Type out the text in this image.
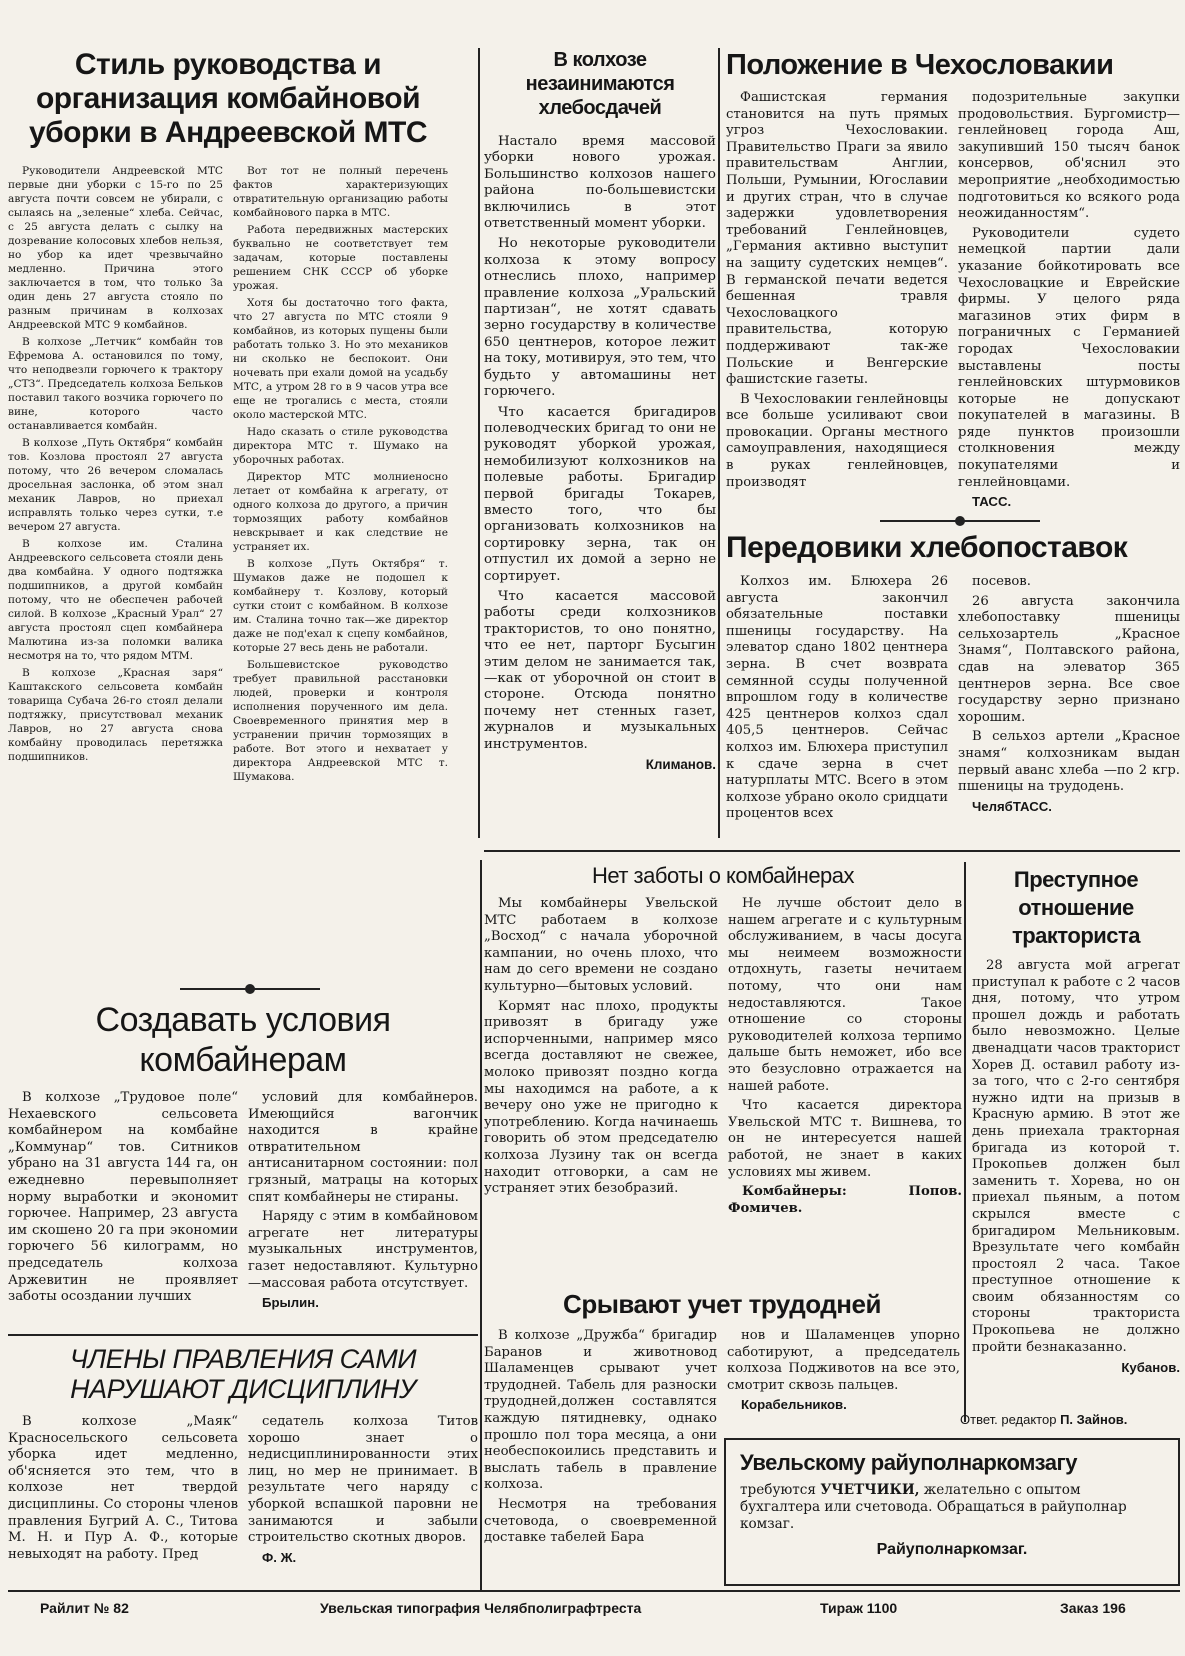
Стиль руководства и организация комбайновой уборки в Андреевской МТС

Руководители Андреевской МТС первые дни уборки с 15-го по 25 августа почти совсем не убирали, с сылаясь на „зеленые“ хлеба. Сейчас, с 25 августа делать с сылку на дозревание колосовых хлебов нельзя, но убор ка идет чрезвычайно медленно. Причина этого заключается в том, что только За один день 27 августа стояло по разным причинам в колхозах Андреевской МТС 9 комбайнов.

В колхозе „Летчик“ комбайн тов Ефремова А. остановился по тому, что неподвезли горючего к трактору „СТЗ“. Председатель колхоза Бельков поставил такого возчика горючего по вине, которого часто останавливается комбайн.

В колхозе „Путь Октября“ комбайн тов. Козлова простоял 27 августа потому, что 26 вечером сломалась дросельная заслонка, об этом знал механик Лавров, но приехал исправлять только через сутки, т.е вечером 27 августа.

В колхозе им. Сталина Андреевского сельсовета стояли день два комбайна. У одного подтяжка подшипников, а другой комбайн потому, что не обеспечен рабочей силой. В колхозе „Красный Урал“ 27 августа простоял сцеп комбайнера Малютина из-за поломки валика несмотря на то, что рядом МТМ.

В колхозе „Красная заря“ Каштакского сельсовета комбайн товарища Субача 26-го стоял делали подтяжку, присутствовал механик Лавров, но 27 августа снова комбайну проводилась перетяжка подшипников.

Вот тот не полный перечень фактов характеризующих отвратительную организацию работы комбайнового парка в МТС.

Работа передвижных мастерских буквально не соответствует тем задачам, которые поставлены решением СНК СССР об уборке урожая.

Хотя бы достаточно того факта, что 27 августа по МТС стояли 9 комбайнов, из которых пущены были работать только 3. Но это механиков ни сколько не беспокоит. Они ночевать при ехали домой на усадьбу МТС, а утром 28 го в 9 часов утра все еще не трогались с места, стояли около мастерской МТС.

Надо сказать о стиле руководства директора МТС т. Шумако на уборочных работах.

Директор МТС молниеносно летает от комбайна к агрегату, от одного колхоза до другого, а причин тормозящих работу комбайнов невскрывает и как следствие не устраняет их.

В колхозе „Путь Октября“ т. Шумаков даже не подошел к комбайнеру т. Козлову, который сутки стоит с комбайном. В колхозе им. Сталина точно так—же директор даже не под'ехал к сцепу комбайнов, которые 27 весь день не работали.

Большевистское руководство требует правильной расстановки людей, проверки и контроля исполнения порученного им дела. Своевременного принятия мер в устранении причин тормозящих в работе. Вот этого и нехватает у директора Андреевской МТС т. Шумакова.

В колхозе незаинимаются хлебосдачей

Настало время массовой уборки нового урожая. Большинство колхозов нашего района по-большевистски включились в этот ответственный момент уборки.

Но некоторые руководители колхоза к этому вопросу отнеслись плохо, например правление колхоза „Уральский партизан“, не хотят сдавать зерно государству в количестве 650 центнеров, которое лежит на току, мотивируя, это тем, что будьто у автомашины нет горючего.

Что касается бригадиров полеводческих бригад то они не руководят уборкой урожая, немобилизуют колхозников на полевые работы. Бригадир первой бригады Токарев, вместо того, что бы организовать колхозников на сортировку зерна, так он отпустил их домой а зерно не сортирует.

Что касается массовой работы среди колхозников трактористов, то оно понятно, что ее нет, парторг Бусыгин этим делом не занимается так,—как от уборочной он стоит в стороне. Отсюда понятно почему нет стенных газет, журналов и музыкальных инструментов.

Климанов.

Положение в Чехословакии

Фашистская германия становится на путь прямых угроз Чехословакии. Правительство Праги за явило правительствам Англии, Польши, Румынии, Югославии и других стран, что в случае задержки удовлетворения требований Генлейновцев, „Германия активно выступит на защиту судетских немцев“. В германской печати ведется бешенная травля Чехословацкого правительства, которую поддерживают так-же Польские и Венгерские фашистские газеты.

В Чехословакии генлейновцы все больше усиливают свои провокации. Органы местного самоуправления, находящиеся в руках генлейновцев, производят

подозрительные закупки продовольствия. Бургомистр—генлейновец города Аш, закупивший 150 тысяч банок консервов, об'яснил это мероприятие „необходимостью подготовиться ко всякого рода неожиданностям“.

Руководители судето немецкой партии дали указание бойкотировать все Чехословацкие и Еврейские фирмы. У целого ряда магазинов этих фирм в пограничных с Германией городах Чехословакии выставлены посты генлейновских штурмовиков которые не допускают покупателей в магазины. В ряде пунктов произошли столкновения между покупателями и генлейновцами.

ТАСС.

Передовики хлебопоставок

Колхоз им. Блюхера 26 августа закончил обязательные поставки пшеницы государству. На элеватор сдано 1802 центнера зерна. В счет возврата семянной ссуды полученной впрошлом году в количестве 425 центнеров колхоз сдал 405,5 центнеров. Сейчас колхоз им. Блюхера приступил к сдаче зерна в счет натурплаты МТС. Всего в этом колхозе убрано около сридцати процентов всех

посевов.

26 августа закончила хлебопоставку пшеницы сельхозартель „Красное Знамя“, Полтавского района, сдав на элеватор 365 центнеров зерна. Все свое государству зерно признано хорошим.

В сельхоз артели „Красное знамя“ колхозникам выдан первый аванс хлеба —по 2 кгр. пшеницы на трудодень.

ЧелябТАСС.

Нет заботы о комбайнерах

Мы комбайнеры Увельской МТС работаем в колхозе „Восход“ с начала уборочной кампании, но очень плохо, что нам до сего времени не создано культурно—бытовых условий.

Кормят нас плохо, продукты привозят в бригаду уже испорченными, например мясо всегда доставляют не свежее, молоко привозят поздно когда мы находимся на работе, а к вечеру оно уже не пригодно к употреблению. Когда начинаешь говорить об этом председателю колхоза Лузину так он всегда находит отговорки, а сам не устраняет этих безобразий.

Не лучше обстоит дело в нашем агрегате и с культурным обслуживанием, в часы досуга мы неимеем возможности отдохнуть, газеты нечитаем потому, что они нам недоставляются. Такое отношение со стороны руководителей колхоза терпимо дальше быть неможет, ибо все это безусловно отражается на нашей работе.

Что касается директора Увельской МТС т. Вишнева, то он не интересуется нашей работой, не знает в каких условиях мы живем.

Комбайнеры: Попов. Фомичев.

Преступное отношение тракториста

28 августа мой агрегат приступал к работе с 2 часов дня, потому, что утром прошел дождь и работать было невозможно. Целые двенадцати часов тракторист Хорев Д. оставил работу из-за того, что с 2-го сентября нужно идти на призыв в Красную армию. В этот же день приехала тракторная бригада из которой т. Прокопьев должен был заменить т. Хорева, но он приехал пьяным, а потом скрылся вместе с бригадиром Мельниковым. Врезультате чего комбайн простоял 2 часа. Такое преступное отношение к своим обязанностям со стороны тракториста Прокопьева не должно пройти безнаказанно.

Кубанов.

Создавать условия комбайнерам

В колхозе „Трудовое поле“ Нехаевского сельсовета комбайнером на комбайне „Коммунар“ тов. Ситников убрано на 31 августа 144 га, он ежедневно перевыполняет норму выработки и экономит горючее. Например, 23 августа им скошено 20 га при экономии горючего 56 килограмм, но председатель колхоза Аржевитин не проявляет заботы осоздании лучших

условий для комбайнеров. Имеющийся вагончик находится в крайне отвратительном антисанитарном состоянии: пол грязный, матрацы на которых спят комбайнеры не стираны.

Наряду с этим в комбайновом агрегате нет литературы музыкальных инструментов, газет недоставляют. Культурно—массовая работа отсутствует.

Брылин.

ЧЛЕНЫ ПРАВЛЕНИЯ САМИ НАРУШАЮТ ДИСЦИПЛИНУ

В колхозе „Маяк“ Красносельского сельсовета уборка идет медленно, об'ясняется это тем, что в колхозе нет твердой дисциплины. Со стороны членов правления Бугрий А. С., Титова М. Н. и Пур А. Ф., которые невыходят на работу. Пред

седатель колхоза Титов хорошо знает о недисциплинированности этих лиц, но мер не принимает. В результате чего наряду с уборкой вспашкой паровни не занимаются и забыли строительство скотных дворов.

Ф. Ж.

Срывают учет трудодней

В колхозе „Дружба“ бригадир Баранов и животновод Шаламенцев срывают учет трудодней. Табель для разноски трудодней,должен составлятся каждую пятидневку, однако прошло пол тора месяца, а они необеспокоились представить и выслать табель в правление колхоза.

Несмотря на требования счетовода, о своевременной доставке табелей Бара

нов и Шаламенцев упорно саботируют, а председатель колхоза Подживотов на все это, смотрит сквозь пальцев.

Корабельников.

Ответ. редактор П. Зайнов.
Увельскому райуполнаркомзагу
требуются УЧЕТЧИКИ, желательно с опытом бухгалтера или счетовода. Обращаться в райуполнар комзаг.
Райуполнаркомзаг.
Райлит № 82	Увельская типография Челябполиграфтреста	Тираж 1100	Заказ 196
